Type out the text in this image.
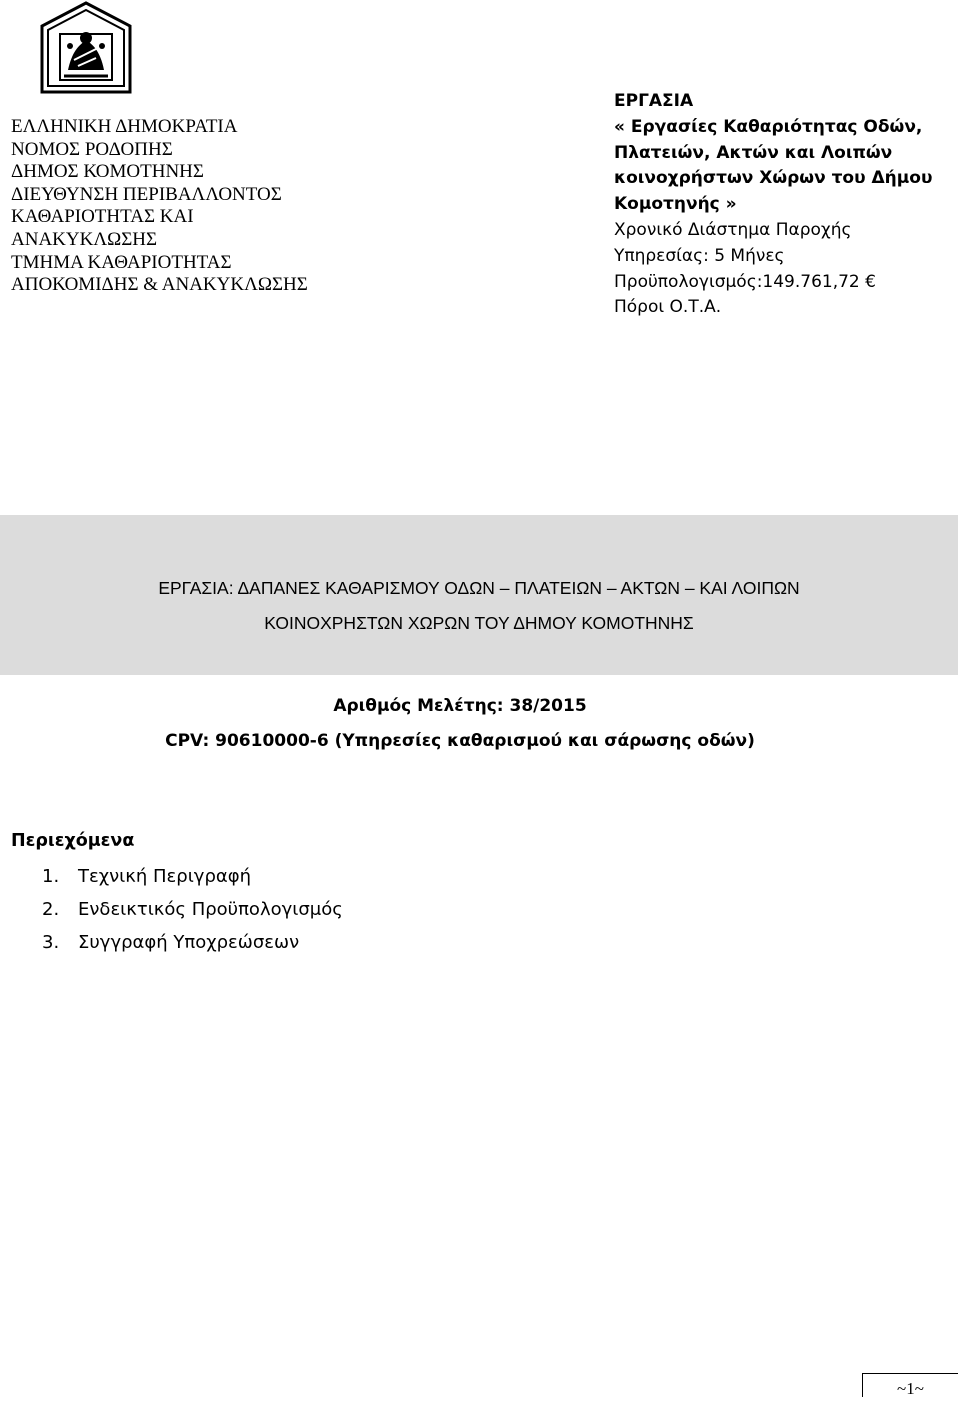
ΕΛΛΗΝΙΚΗ ΔΗΜΟΚΡΑΤΙΑ
ΝΟΜΟΣ ΡΟΔΟΠΗΣ
ΔΗΜΟΣ ΚΟΜΟΤΗΝΗΣ
ΔΙΕΥΘΥΝΣΗ ΠΕΡΙΒΑΛΛΟΝΤΟΣ
ΚΑΘΑΡΙΟΤΗΤΑΣ ΚΑΙ
ΑΝΑΚΥΚΛΩΣΗΣ
ΤΜΗΜΑ ΚΑΘΑΡΙΟΤΗΤΑΣ
ΑΠΟΚΟΜΙΔΗΣ & ΑΝΑΚΥΚΛΩΣΗΣ
ΕΡΓΑΣΙΑ
« Εργασίες Καθαριότητας Οδών,
Πλατειών, Ακτών και Λοιπών
κοινοχρήστων Χώρων του Δήμου
Κομοτηνής »
Χρονικό Διάστημα Παροχής
Υπηρεσίας: 5 Μήνες
Προϋπολογισμός:149.761,72 €
Πόροι Ο.Τ.Α.
ΕΡΓΑΣΙΑ: ΔΑΠΑΝΕΣ ΚΑΘΑΡΙΣΜΟΥ ΟΔΩΝ – ΠΛΑΤΕΙΩΝ – ΑΚΤΩΝ – ΚΑΙ ΛΟΙΠΩΝ
ΚΟΙΝΟΧΡΗΣΤΩΝ ΧΩΡΩΝ ΤΟΥ ΔΗΜΟΥ ΚΟΜΟΤΗΝΗΣ
Αριθμός Μελέτης: 38/2015
CPV: 90610000-6 (Υπηρεσίες καθαρισμού και σάρωσης οδών)
Περιεχόμενα
1. Τεχνική Περιγραφή
2. Ενδεικτικός Προϋπολογισμός
3. Συγγραφή Υποχρεώσεων
~1~
